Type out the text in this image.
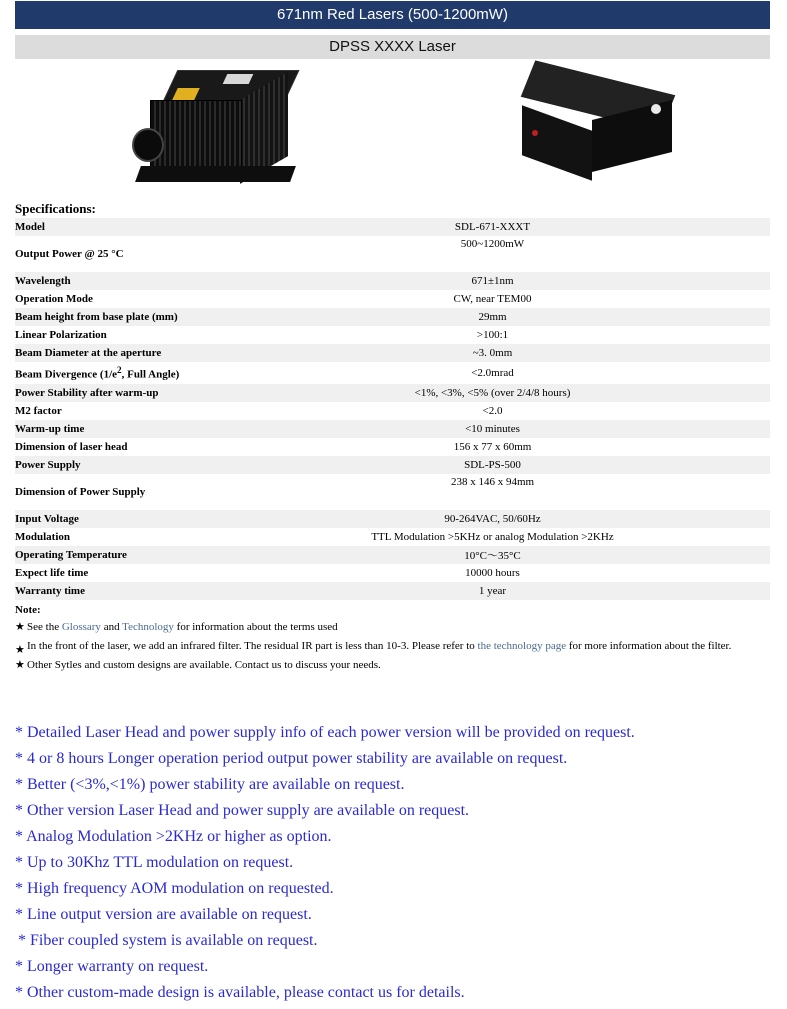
671nm Red Lasers (500-1200mW)
DPSS XXXX Laser
Specifications:
Model	SDL-671-XXXT
Output Power @ 25 °C	500~1200mW
Wavelength	671±1nm
Operation Mode	CW, near TEM00
Beam height from base plate (mm)	29mm
Linear Polarization	>100:1
Beam Diameter at the aperture	~3. 0mm
Beam Divergence ($1/e^2$, Full Angle)	<2.0mrad
Power Stability after warm-up	<1%, <3%, <5% (over 2/4/8 hours)
M2 factor	<2.0
Warm-up time	<10 minutes
Dimension of laser head	156 x 77 x 60mm
Power Supply	SDL-PS-500
Dimension of Power Supply	238 x 146 x 94mm
Input Voltage	90-264VAC, 50/60Hz
Modulation	TTL Modulation >5KHz or analog Modulation >2KHz
Operating Temperature	10°C～35°C
Expect life time	10000 hours
Warranty time	1 year
Note:
★ See the Glossary and Technology for information about the terms used
★ In the front of the laser, we add an infrared filter. The residual IR part is less than 10-3. Please refer to the technology page for more information about the filter.
★ Other Sytles and custom designs are available. Contact us to discuss your needs.
* Detailed Laser Head and power supply info of each power version will be provided on request.
* 4 or 8 hours Longer operation period output power stability are available on request.
* Better (<3%,<1%) power stability are available on request.
* Other version Laser Head and power supply are available on request.
* Analog Modulation >2KHz or higher as option.
* Up to 30Khz TTL modulation on request.
* High frequency AOM modulation on requested.
* Line output version are available on request.
* Fiber coupled system is available on request.
* Longer warranty on request.
* Other custom-made design is available, please contact us for details.
